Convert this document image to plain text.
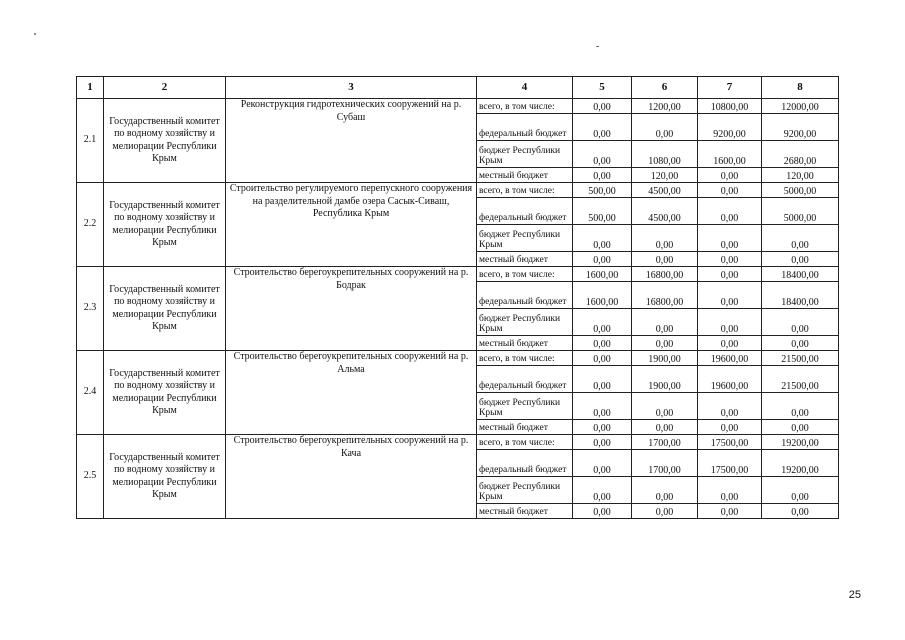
1	2	3	4	5	6	7	8
2.1	Государственный комитет по водному хозяйству и мелиорации Республики Крым	Реконструкция гидротехнических сооружений на р. Субаш	всего, в том числе:	0,00	1200,00	10800,00	12000,00
			федеральный бюджет	0,00	0,00	9200,00	9200,00
			бюджет Республики Крым	0,00	1080,00	1600,00	2680,00
			местный бюджет	0,00	120,00	0,00	120,00
2.2	Государственный комитет по водному хозяйству и мелиорации Республики Крым	Строительство регулируемого перепускного сооружения на разделительной дамбе озера Сасык-Сиваш, Республика Крым	всего, в том числе:	500,00	4500,00	0,00	5000,00
			федеральный бюджет	500,00	4500,00	0,00	5000,00
			бюджет Республики Крым	0,00	0,00	0,00	0,00
			местный бюджет	0,00	0,00	0,00	0,00
2.3	Государственный комитет по водному хозяйству и мелиорации Республики Крым	Строительство берегоукрепительных сооружений на р. Бодрак	всего, в том числе:	1600,00	16800,00	0,00	18400,00
			федеральный бюджет	1600,00	16800,00	0,00	18400,00
			бюджет Республики Крым	0,00	0,00	0,00	0,00
			местный бюджет	0,00	0,00	0,00	0,00
2.4	Государственный комитет по водному хозяйству и мелиорации Республики Крым	Строительство берегоукрепительных сооружений на р. Альма	всего, в том числе:	0,00	1900,00	19600,00	21500,00
			федеральный бюджет	0,00	1900,00	19600,00	21500,00
			бюджет Республики Крым	0,00	0,00	0,00	0,00
			местный бюджет	0,00	0,00	0,00	0,00
2.5	Государственный комитет по водному хозяйству и мелиорации Республики Крым	Строительство берегоукрепительных сооружений на р. Кача	всего, в том числе:	0,00	1700,00	17500,00	19200,00
			федеральный бюджет	0,00	1700,00	17500,00	19200,00
			бюджет Республики Крым	0,00	0,00	0,00	0,00
			местный бюджет	0,00	0,00	0,00	0,00
25
